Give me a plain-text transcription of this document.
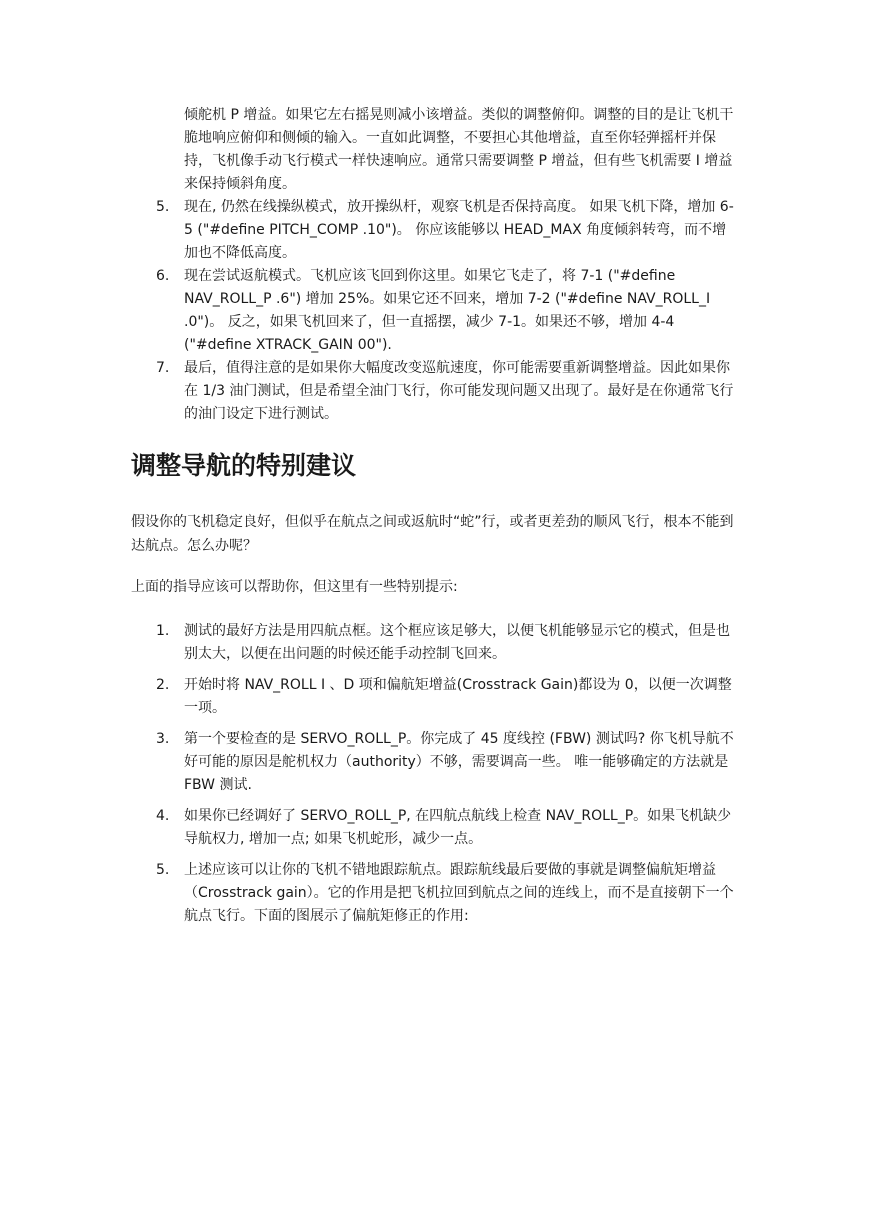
倾舵机 P 增益。如果它左右摇晃则减小该增益。类似的调整俯仰。调整的目的是让飞机干脆地响应俯仰和侧倾的输入。一直如此调整，不要担心其他增益，直至你轻弹摇杆并保持，飞机像手动飞行模式一样快速响应。通常只需要调整 P 增益，但有些飞机需要 I 增益来保持倾斜角度。

5. 现在, 仍然在线操纵模式，放开操纵杆，观察飞机是否保持高度。 如果飞机下降，增加 6-5 ("#define PITCH_COMP .10")。 你应该能够以 HEAD_MAX 角度倾斜转弯，而不增加也不降低高度。

6. 现在尝试返航模式。飞机应该飞回到你这里。如果它飞走了，将 7-1 ("#define NAV_ROLL_P .6") 增加 25%。如果它还不回来，增加 7-2 ("#define NAV_ROLL_I .0")。 反之，如果飞机回来了，但一直摇摆，减少 7-1。如果还不够，增加 4-4 ("#define XTRACK_GAIN 00").

7. 最后，值得注意的是如果你大幅度改变巡航速度，你可能需要重新调整增益。因此如果你在 1/3 油门测试，但是希望全油门飞行，你可能发现问题又出现了。最好是在你通常飞行的油门设定下进行测试。

调整导航的特别建议

假设你的飞机稳定良好，但似乎在航点之间或返航时“蛇”行，或者更差劲的顺风飞行，根本不能到达航点。怎么办呢？

上面的指导应该可以帮助你，但这里有一些特别提示:

1. 测试的最好方法是用四航点框。这个框应该足够大，以便飞机能够显示它的模式，但是也别太大，以便在出问题的时候还能手动控制飞回来。

2. 开始时将 NAV_ROLL I 、D 项和偏航矩增益(Crosstrack Gain)都设为 0，以便一次调整一项。

3. 第一个要检查的是 SERVO_ROLL_P。你完成了 45 度线控 (FBW) 测试吗? 你飞机导航不好可能的原因是舵机权力（authority）不够，需要调高一些。 唯一能够确定的方法就是 FBW 测试.

4. 如果你已经调好了 SERVO_ROLL_P, 在四航点航线上检查 NAV_ROLL_P。如果飞机缺少导航权力, 增加一点; 如果飞机蛇形，减少一点。

5. 上述应该可以让你的飞机不错地跟踪航点。跟踪航线最后要做的事就是调整偏航矩增益（Crosstrack gain）。它的作用是把飞机拉回到航点之间的连线上，而不是直接朝下一个航点飞行。下面的图展示了偏航矩修正的作用:
